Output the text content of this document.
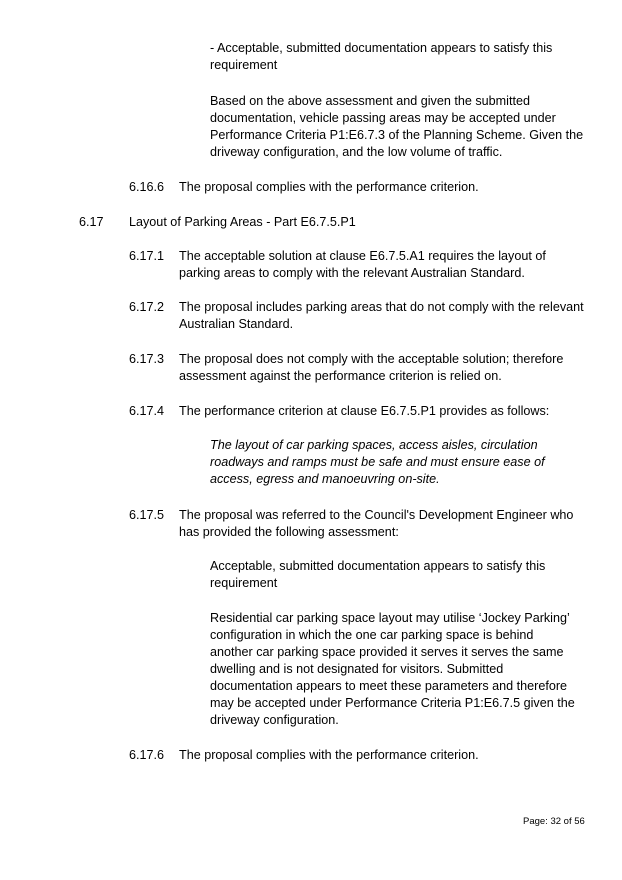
- Acceptable, submitted documentation appears to satisfy this requirement

Based on the above assessment and given the submitted documentation, vehicle passing areas may be accepted under Performance Criteria P1:E6.7.3 of the Planning Scheme. Given the driveway configuration, and the low volume of traffic.

6.16.6 The proposal complies with the performance criterion.

6.17 Layout of Parking Areas - Part E6.7.5.P1

6.17.1 The acceptable solution at clause E6.7.5.A1 requires the layout of parking areas to comply with the relevant Australian Standard.

6.17.2 The proposal includes parking areas that do not comply with the relevant Australian Standard.

6.17.3 The proposal does not comply with the acceptable solution; therefore assessment against the performance criterion is relied on.

6.17.4 The performance criterion at clause E6.7.5.P1 provides as follows:

The layout of car parking spaces, access aisles, circulation roadways and ramps must be safe and must ensure ease of access, egress and manoeuvring on-site.

6.17.5 The proposal was referred to the Council's Development Engineer who has provided the following assessment:

Acceptable, submitted documentation appears to satisfy this requirement

Residential car parking space layout may utilise ‘Jockey Parking’ configuration in which the one car parking space is behind another car parking space provided it serves it serves the same dwelling and is not designated for visitors. Submitted documentation appears to meet these parameters and therefore may be accepted under Performance Criteria P1:E6.7.5 given the driveway configuration.

6.17.6 The proposal complies with the performance criterion.

Page: 32 of 56
